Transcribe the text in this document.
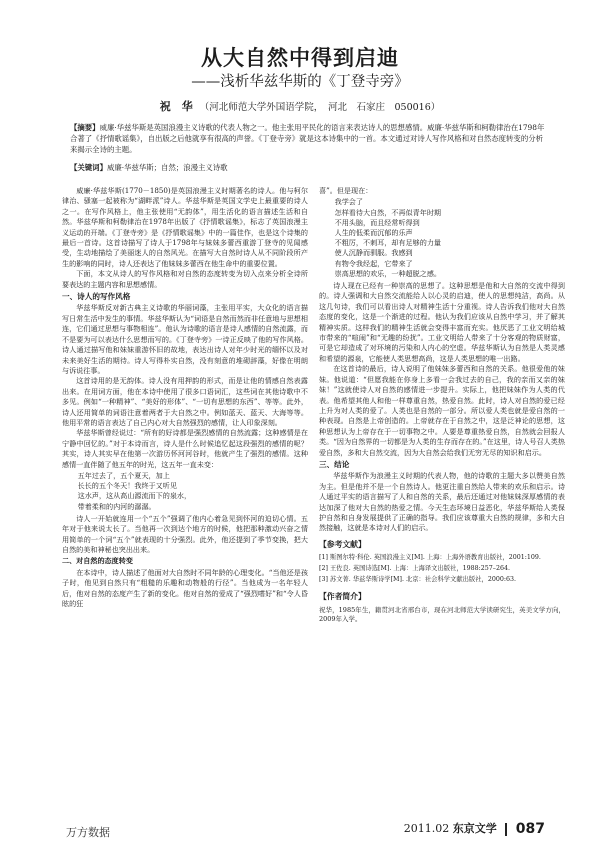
从大自然中得到启迪
——浅析华兹华斯的《丁登寺旁》
祝　华 （河北师范大学外国语学院，　河北　石家庄　050016）
【摘要】威廉·华兹华斯是英国浪漫主义诗歌的代表人物之一。他主张用平民化的语言来表达诗人的思想感情。威廉·华兹华斯和柯勒律治在1798年合著了《抒情歌谣集》，自出版之后他就享有很高的声誉。《丁登寺旁》就是这本诗集中的一首。本文通过对诗人写作风格和对自然态度转变的分析来揭示全诗的主题。
【关键词】威廉·华兹华斯；自然；浪漫主义诗歌

威廉·华兹华斯(1770－1850)是英国浪漫主义时期著名的诗人。他与柯尔律治、骚塞一起被称为“湖畔派”诗人。华兹华斯是英国文学史上最重要的诗人之一。在写作风格上，他主张使用“无韵体”，用生活化的语言描述生活和自然。华兹华斯和柯勒律治在1978年出版了《抒情歌谣集》，标志了英国浪漫主义运动的开端。《丁登寺旁》是《抒情歌谣集》中的一篇佳作，也是这个诗集的最后一首诗。这首诗描写了诗人于1798年与妹妹多蕾西重游丁登寺的见闻感受，生动地描绘了美丽迷人的自然风光。在描写大自然时诗人从不同阶段所产生的影响的同时，诗人还表达了他妹妹多蕾西在他生命中的重要位置。

下面，本文从诗人的写作风格和对自然的态度转变为切入点来分析全诗所要表达的主题内容和思想感情。

一、诗人的写作风格

华兹华斯反对新古典主义诗歌的华丽词藻，主张用平实，大众化的语言描写日常生活中发生的事情。华兹华斯认为“词语是自然而然而非任意地与思想相连，它们通过思想与事物相连”。他认为诗歌的语言是诗人感情的自然流露，而不是要为可以表达什么思想而写的。《丁登寺旁》一诗正反映了他的写作风格。诗人通过描写他和妹妹重游怀旧的故地，表达出诗人对年少时光的缅怀以及对未来美好生活的期待。诗人写得朴实自然，没有刻意的堆砌辞藻，好像在明朗与诉说往事。

这首诗用的是无韵体。诗人没有用押韵的形式，而是让他的情感自然表露出来。在用词方面，他在本诗中使用了很多口语词汇，这些词在其他诗歌中不多见。例如“一种精神”、“美好的形体”、“一切有思想的东西”、等等。此外，诗人还用简单的词语注意着两者于大自然之中。例如蓝天、蓝天、大海等等。他用平常的语言表达了自己内心对大自然强烈的感情，让人印象深刻。

华兹华斯曾经说过：“所有的好诗都是强烈感情的自然流露；这种感情是在宁静中回忆的。”对于本诗而言，诗人是什么时候追忆起这段强烈的感情的呢？其实，诗人其实早在他第一次游历怀河河谷时，他就产生了强烈的感情。这种感情一直伴随了他五年的时光，这五年一直未变：

五年过去了，五个夏天，加上

长长的五个冬天！我终于又听见

这水声，这从高山源流而下的泉水，

带着柔和的内河的潺潺。

诗人一开始就连用一个“五个”强调了他内心着急见到怀河的迫切心情。五年对于他来说太长了。当他再一次到达个地方的时候，他把那种激动兴奋之情用简单的一个词“五个”就表现的十分强烈。此外，他还提到了季节变换，把大自然的美和神秘也突出出来。

二、对自然的态度转变

在本诗中，诗人描述了他面对大自然时不同年龄的心理变化。“当他还是孩子时，他见到自然只有“粗糙的乐趣和动物般的行径”。当他成为一名年轻人后，他对自然的态度产生了新的变化。他对自然的爱成了“强烈嗜好”和“令人昏眩的狂

喜”。但是现在：

我学会了

怎样看待大自然，不再似青年时期

不用头脑，而且经常听得到

人生的低柔而沉郁的乐声

不粗厉，不刺耳，却有足够的力量

使人沉静而驯服。我感到

有物令我经起，它带来了

崇高思想的欢乐，一种超脱之感。

诗人现在已经有一种崇高的思想了。这种思想是他和大自然的交流中得到的。诗人强调和大自然交流能给人以心灵的启迪，使人的思想纯洁，高尚。从这几句诗，我们可以看出诗人对精神生活十分重视。诗人告诉我们他对大自然态度的变化，这是一个渐进的过程。他认为我们应该从自然中学习，并了解其精神实质。这样我们的精神生活就会变得丰富而充实。他厌恶了工业文明给城市带来的“喧闹”和“无趣的纷扰”。工业文明给人带来了十分客观的物质财富，可是它却造成了对环境的污染和人内心的空虚。华兹华斯认为自然是人类灵感和希望的源泉，它能使人类思想高尚，这是人类思想的唯一出路。

在这首诗的最后，诗人说明了他妹妹多蕾西和自然的关系。他很爱他的妹妹。他说道：“但愿我能在你身上多看一会我过去的自己，我的亲而又亲的妹妹！”这就使诗人对自然的感情进一步提升。实际上，他把妹妹作为人类的代表。他希望其他人和他一样尊重自然，热爱自然。此时，诗人对自然的爱已经上升为对人类的爱了。人类也是自然的一部分。所以爱人类也就是爱自然的一种表现。自然是上帝创造的。上帝就存在于自然之中，这是泛神论的思想，这种思想认为上帝存在于一切事物之中。人要是尊重热爱自然，自然就会回报人类。“因为自然界的一切都是为人类的生存而存在的。”在这里，诗人号召人类热爱自然，多和大自然交流，因为大自然会给我们无穷无尽的知识和启示。

三、结论

华兹华斯作为浪漫主义时期的代表人物，他的诗歌的主题大多以赞美自然为主。但是他并不是一个自然诗人。他更注重自然给人带来的欢乐和启示。诗人通过平实的语言描写了人和自然的关系，最后还通过对他妹妹深厚感情的表达加深了他对大自然的热爱之情。今天生态环境日益恶化，华兹华斯给人类保护自然和自身发展提供了正确的指导。我们应该尊重大自然的规律，多和大自然接触，这就是本诗对人们的启示。

【参考文献】
[1] 斯图尔特·科伦. 英国浪漫主义[M]. 上海：上海外语教育出版社，2001:109.
[2] 王佐良. 英国诗选[M]. 上海：上海译文出版社，1988:257–264.
[3] 苏文菁. 华兹华斯诗学[M]. 北京：社会科学文献出版社，2000:63.
【作者简介】
祝华，1985年生，籍贯河北省邢台市，现在河北师范大学读研究生，英美文学方向，2009年入学。
万方数据	2011.02 东京文学 087
